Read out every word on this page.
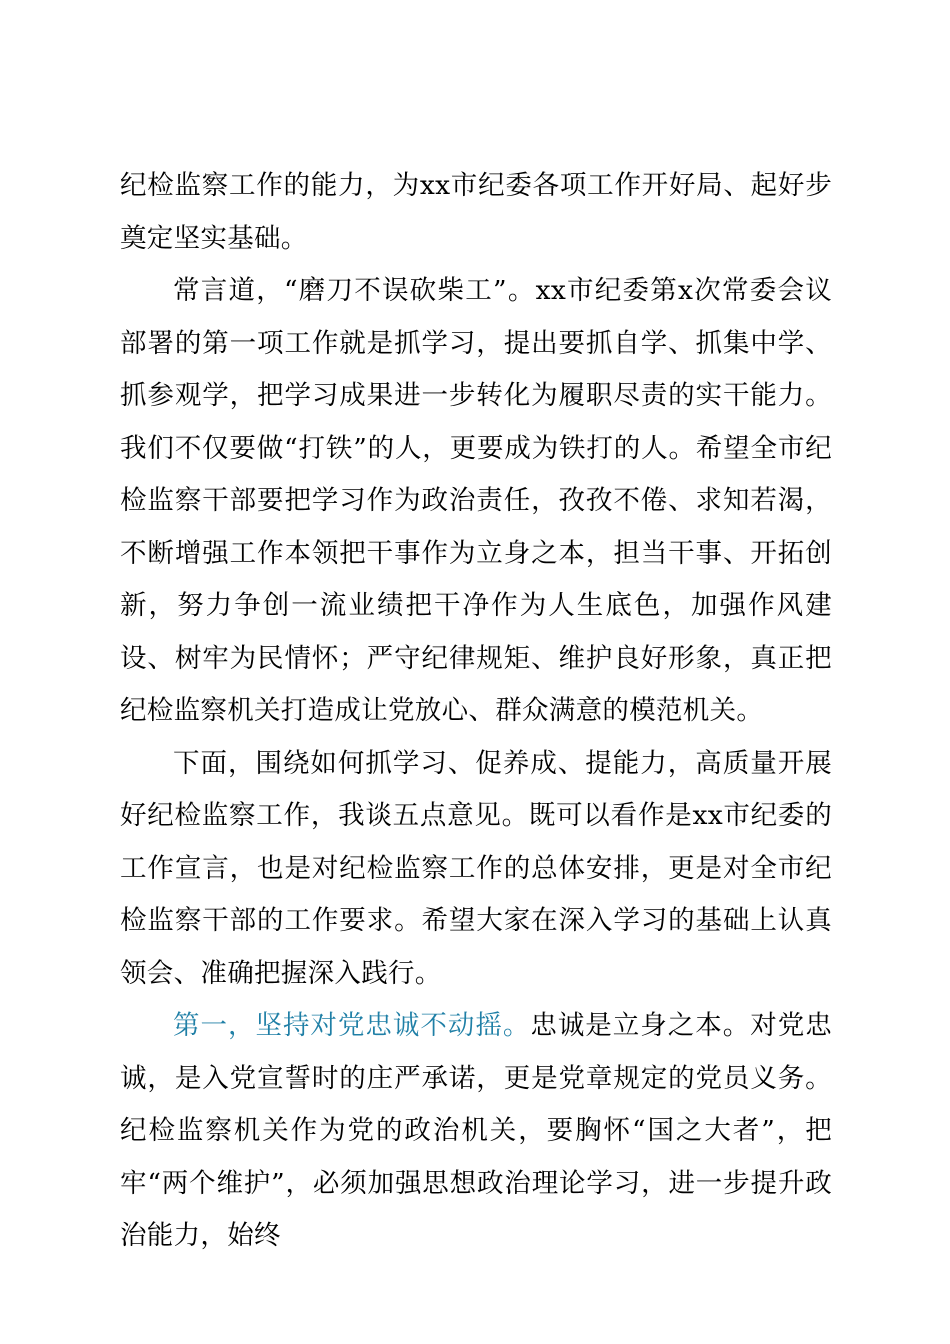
纪检监察工作的能力，为xx市纪委各项工作开好局、起好步奠定坚实基础。

常言道，“磨刀不误砍柴工”。xx市纪委第x次常委会议部署的第一项工作就是抓学习，提出要抓自学、抓集中学、抓参观学，把学习成果进一步转化为履职尽责的实干能力。我们不仅要做“打铁”的人，更要成为铁打的人。希望全市纪检监察干部要把学习作为政治责任，孜孜不倦、求知若渴，不断增强工作本领把干事作为立身之本，担当干事、开拓创新，努力争创一流业绩把干净作为人生底色，加强作风建设、树牢为民情怀；严守纪律规矩、维护良好形象，真正把纪检监察机关打造成让党放心、群众满意的模范机关。

下面，围绕如何抓学习、促养成、提能力，高质量开展好纪检监察工作，我谈五点意见。既可以看作是xx市纪委的工作宣言，也是对纪检监察工作的总体安排，更是对全市纪检监察干部的工作要求。希望大家在深入学习的基础上认真领会、准确把握深入践行。

第一，坚持对党忠诚不动摇。忠诚是立身之本。对党忠诚，是入党宣誓时的庄严承诺，更是党章规定的党员义务。纪检监察机关作为党的政治机关，要胸怀“国之大者”，把牢“两个维护”，必须加强思想政治理论学习，进一步提升政治能力，始终
